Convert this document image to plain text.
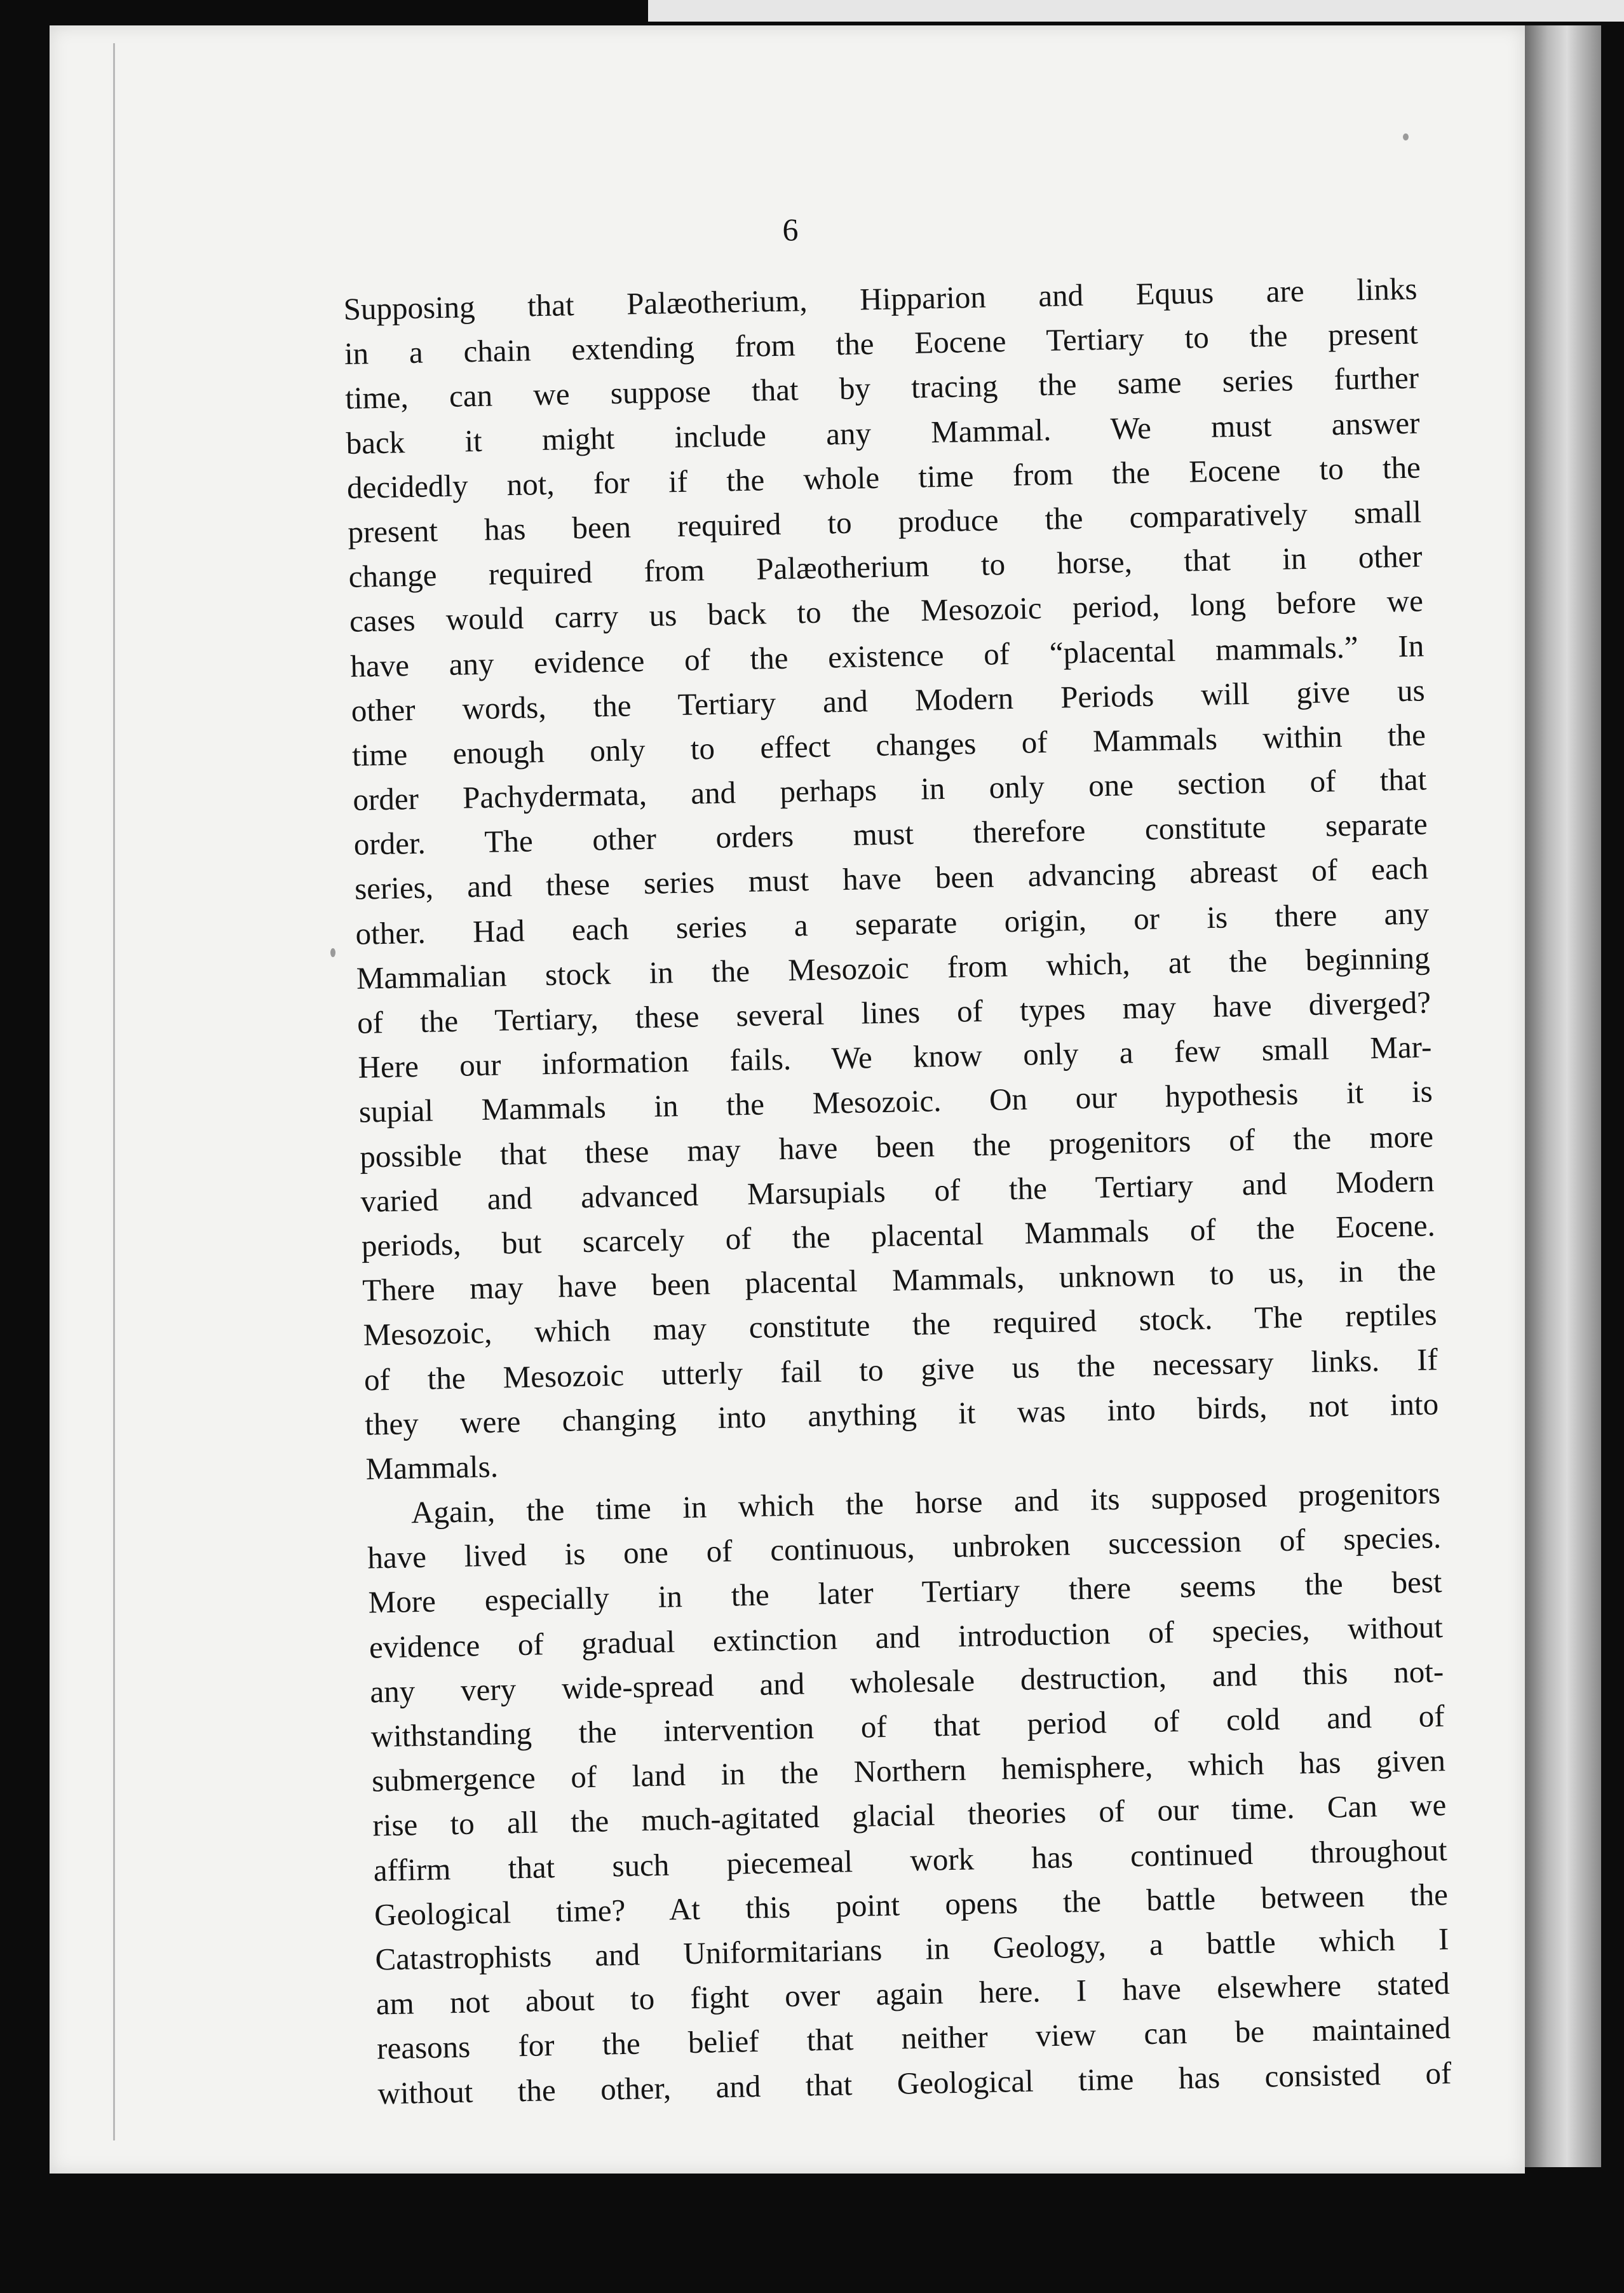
6
Supposing that Palæotherium, Hipparion and Equus are links
in a chain extending from the Eocene Tertiary to the present
time, can we suppose that by tracing the same series further
back it might include any Mammal. We must answer
decidedly not, for if the whole time from the Eocene to the
present has been required to produce the comparatively small
change required from Palæotherium to horse, that in other
cases would carry us back to the Mesozoic period, long before we
have any evidence of the existence of “placental mammals.” In
other words, the Tertiary and Modern Periods will give us
time enough only to effect changes of Mammals within the
order Pachydermata, and perhaps in only one section of that
order. The other orders must therefore constitute separate
series, and these series must have been advancing abreast of each
other. Had each series a separate origin, or is there any
Mammalian stock in the Mesozoic from which, at the beginning
of the Tertiary, these several lines of types may have diverged?
Here our information fails. We know only a few small Mar-
supial Mammals in the Mesozoic. On our hypothesis it is
possible that these may have been the progenitors of the more
varied and advanced Marsupials of the Tertiary and Modern
periods, but scarcely of the placental Mammals of the Eocene.
There may have been placental Mammals, unknown to us, in the
Mesozoic, which may constitute the required stock. The reptiles
of the Mesozoic utterly fail to give us the necessary links. If
they were changing into anything it was into birds, not into
Mammals.
Again, the time in which the horse and its supposed progenitors
have lived is one of continuous, unbroken succession of species.
More especially in the later Tertiary there seems the best
evidence of gradual extinction and introduction of species, without
any very wide-spread and wholesale destruction, and this not-
withstanding the intervention of that period of cold and of
submergence of land in the Northern hemisphere, which has given
rise to all the much-agitated glacial theories of our time. Can we
affirm that such piecemeal work has continued throughout
Geological time? At this point opens the battle between the
Catastrophists and Uniformitarians in Geology, a battle which I
am not about to fight over again here. I have elsewhere stated
reasons for the belief that neither view can be maintained
without the other, and that Geological time has consisted of
